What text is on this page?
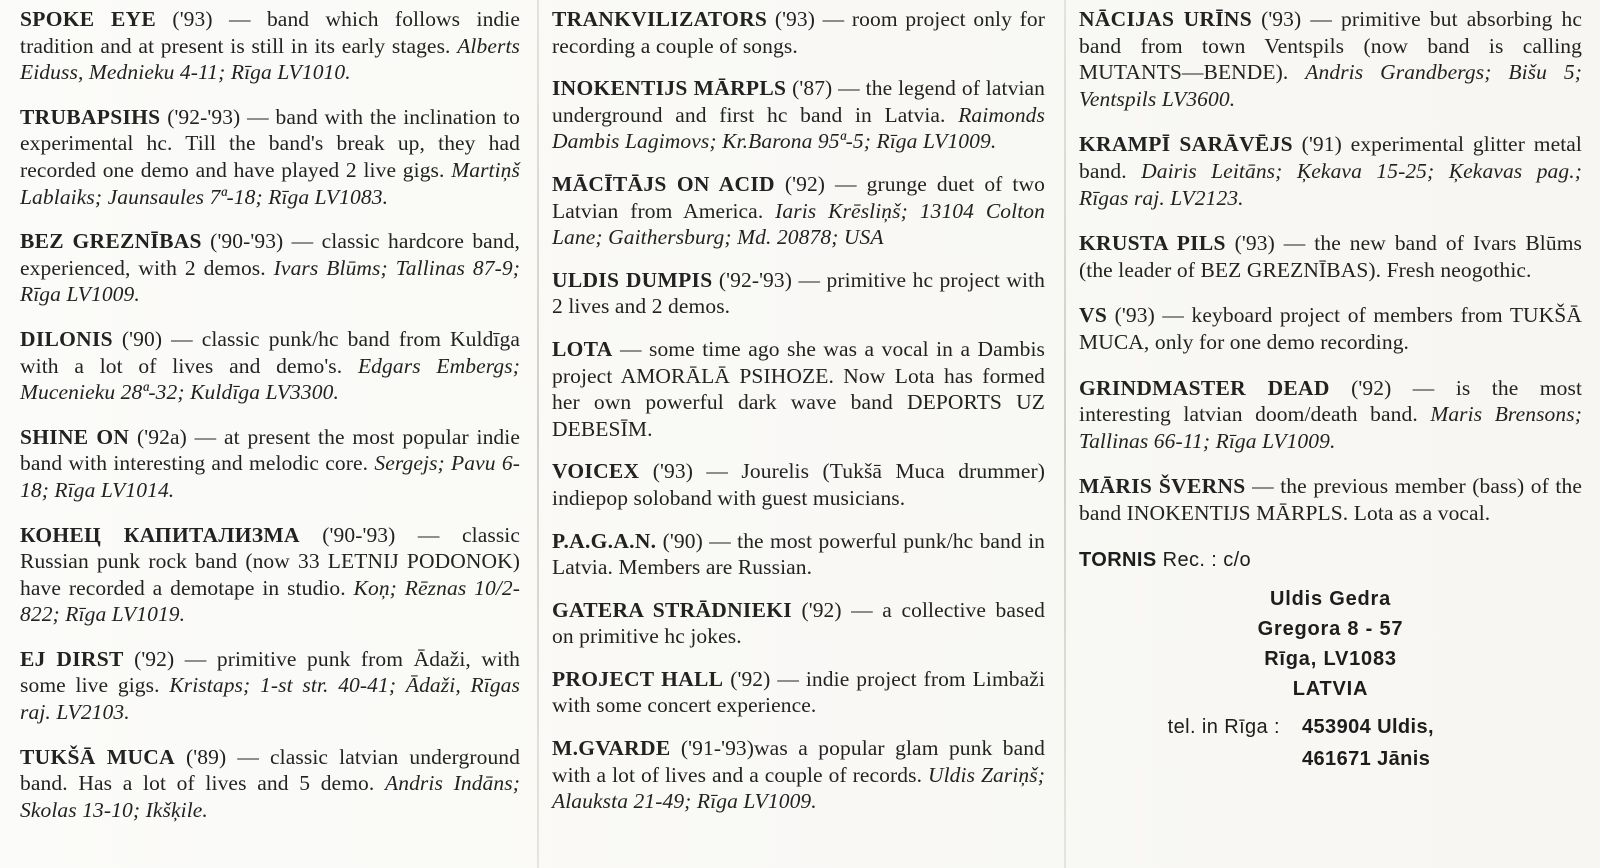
SPOKE EYE ('93) — band which follows indie tradition and at present is still in its early stages. Alberts Eiduss, Mednieku 4-11; Rīga LV1010.

TRUBAPSIHS ('92-'93) — band with the inclination to experimental hc. Till the band's break up, they had recorded one demo and have played 2 live gigs. Martiņš Lablaiks; Jaunsaules 7ª-18; Rīga LV1083.

BEZ GREZNĪBAS ('90-'93) — classic hardcore band, experienced, with 2 demos. Ivars Blūms; Tallinas 87-9; Rīga LV1009.

DILONIS ('90) — classic punk/hc band from Kuldīga with a lot of lives and demo's. Edgars Embergs; Mucenieku 28ª-32; Kuldīga LV3300.

SHINE ON ('92a) — at present the most popular indie band with interesting and melodic core. Sergejs; Pavu 6-18; Rīga LV1014.

КОНЕЦ КАПИТАЛИЗМА ('90-'93) — classic Russian punk rock band (now 33 LETNIJ PODONOK) have recorded a demotape in studio. Koņ; Rēznas 10/2-822; Rīga LV1019.

EJ DIRST ('92) — primitive punk from Ādaži, with some live gigs. Kristaps; 1-st str. 40-41; Ādaži, Rīgas raj. LV2103.

TUKŠĀ MUCA ('89) — classic latvian underground band. Has a lot of lives and 5 demo. Andris Indāns; Skolas 13-10; Ikšķile.

TRANKVILIZATORS ('93) — room project only for recording a couple of songs.

INOKENTIJS MĀRPLS ('87) — the legend of latvian underground and first hc band in Latvia. Raimonds Dambis Lagimovs; Kr.Barona 95ª-5; Rīga LV1009.

MĀCĪTĀJS ON ACID ('92) — grunge duet of two Latvian from America. Iaris Krēsliņš; 13104 Colton Lane; Gaithersburg; Md. 20878; USA

ULDIS DUMPIS ('92-'93) — primitive hc project with 2 lives and 2 demos.

LOTA — some time ago she was a vocal in a Dambis project AMORĀLĀ PSIHOZE. Now Lota has formed her own powerful dark wave band DEPORTS UZ DEBESĪM.

VOICEX ('93) — Jourelis (Tukšā Muca drummer) indiepop soloband with guest musicians.

P.A.G.A.N. ('90) — the most powerful punk/hc band in Latvia. Members are Russian.

GATERA STRĀDNIEKI ('92) — a collective based on primitive hc jokes.

PROJECT HALL ('92) — indie project from Limbaži with some concert experience.

M.GVARDE ('91-'93)was a popular glam punk band with a lot of lives and a couple of records. Uldis Zariņš; Alauksta 21-49; Rīga LV1009.

NĀCIJAS URĪNS ('93) — primitive but absorbing hc band from town Ventspils (now band is calling MUTANTS—BENDE). Andris Grandbergs; Bišu 5; Ventspils LV3600.

KRAMPĪ SARĀVĒJS ('91) experimental glitter metal band. Dairis Leitāns; Ķekava 15-25; Ķekavas pag.; Rīgas raj. LV2123.

KRUSTA PILS ('93) — the new band of Ivars Blūms (the leader of BEZ GREZNĪBAS). Fresh neogothic.

VS ('93) — keyboard project of members from TUKŠĀ MUCA, only for one demo recording.

GRINDMASTER DEAD ('92) — is the most interesting latvian doom/death band. Maris Brensons; Tallinas 66-11; Rīga LV1009.

MĀRIS ŠVERNS — the previous member (bass) of the band INOKENTIJS MĀRPLS. Lota as a vocal.

TORNIS Rec. : c/o
Uldis Gedra
Gregora 8 - 57
Rīga, LV1083
LATVIA
tel. in Rīga :	453904 Uldis,
461671 Jānis
